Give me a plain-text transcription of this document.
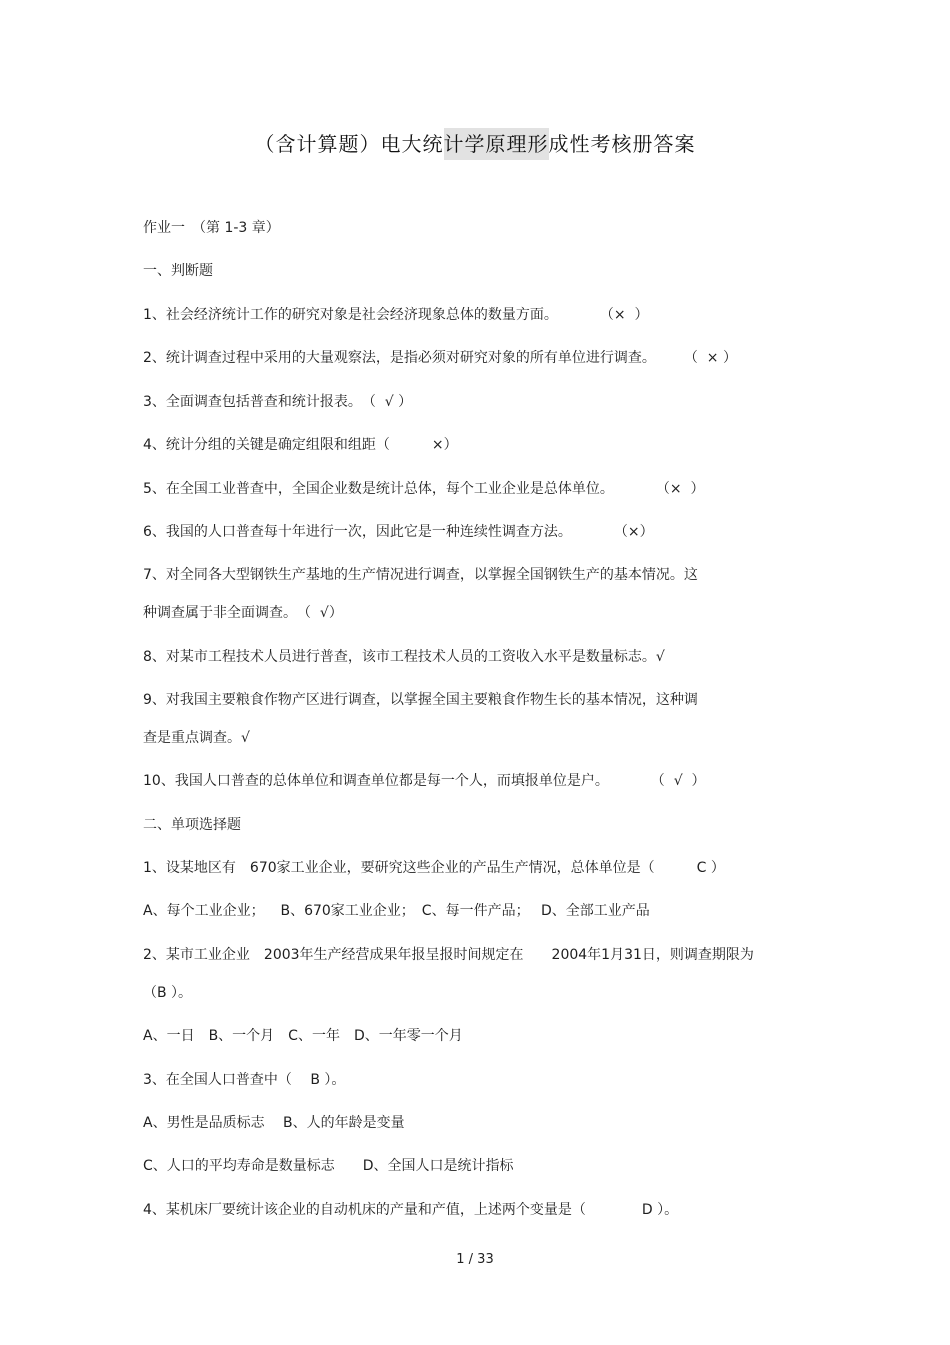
（含计算题）电大统计学原理形成性考核册答案
作业一　（第 1-3 章）
一、判断题
1、社会经济统计工作的研究对象是社会经济现象总体的数量方面。　　　　（×  ）
2、统计调查过程中采用的大量观察法，是指必须对研究对象的所有单位进行调查。　　　（  × ）
3、全面调查包括普查和统计报表。　（  √ ）
4、统计分组的关键是确定组限和组距（　　　×）
5、在全国工业普查中，全国企业数是统计总体，每个工业企业是总体单位。　　　　（×  ）
6、我国的人口普查每十年进行一次，因此它是一种连续性调查方法。　　　　（×）
7、对全同各大型钢铁生产基地的生产情况进行调查，以掌握全国钢铁生产的基本情况。这
种调查属于非全面调查。　（  √）
8、对某市工程技术人员进行普查，该市工程技术人员的工资收入水平是数量标志。√
9、对我国主要粮食作物产区进行调查，以掌握全国主要粮食作物生长的基本情况，这种调
查是重点调查。√
10、我国人口普查的总体单位和调查单位都是每一个人，而填报单位是户。　　　　（  √  ）
二、单项选择题
1、设某地区有　670家工业企业，要研究这些企业的产品生产情况，总体单位是（　　　C ）
A、每个工业企业；　  B、670家工业企业；　C、每一件产品；　 D、全部工业产品
2、某市工业企业　2003年生产经营成果年报呈报时间规定在　　2004年1月31日，则调查期限为
（B ）。
A、一日　B、一个月　C、一年　D、一年零一个月
3、在全国人口普查中（　 B ）。
A、男性是品质标志　 B、人的年龄是变量
C、人口的平均寿命是数量标志　　D、全国人口是统计指标
4、某机床厂要统计该企业的自动机床的产量和产值，上述两个变量是（　　　　D ）。
1 / 33
